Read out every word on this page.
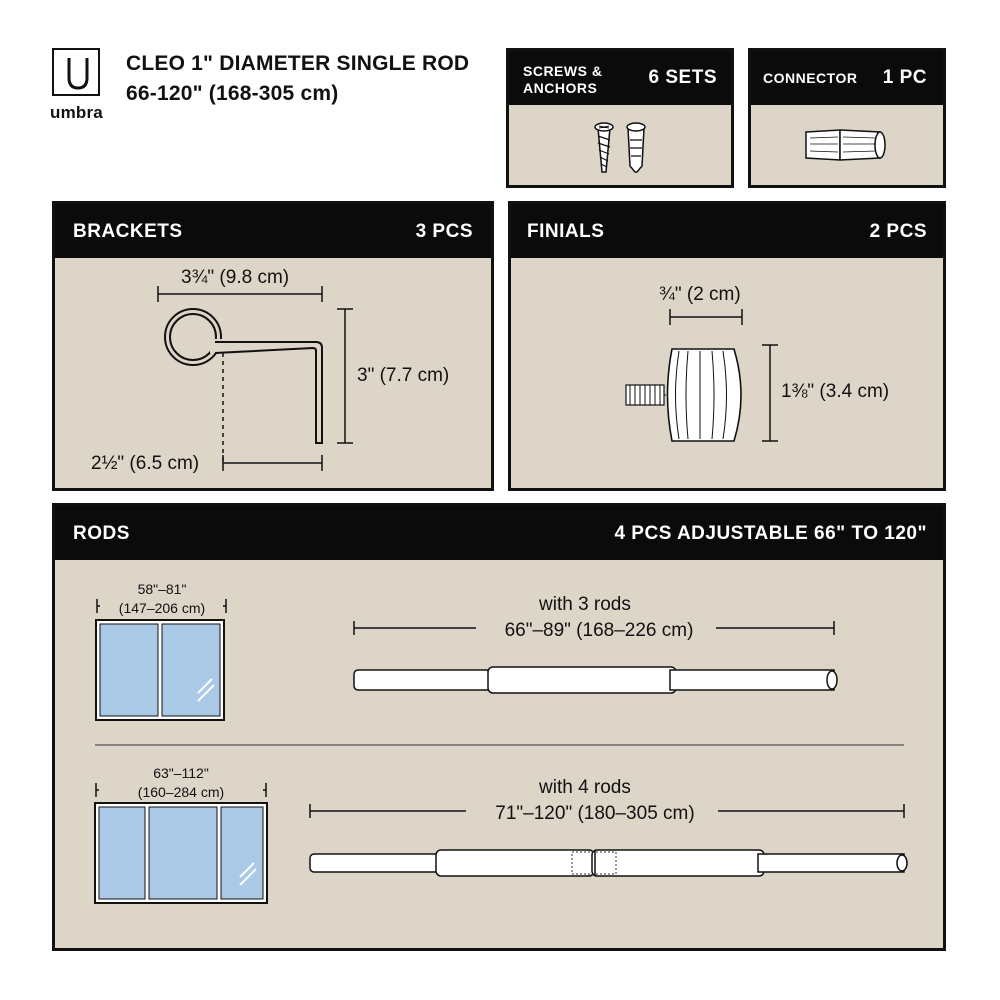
umbra
CLEO 1" DIAMETER SINGLE ROD
66-120" (168-305 cm)
SCREWS &
ANCHORS	6 SETS	CONNECTOR 1 PC
BRACKETS	3 PCS
3¾" (9.8 cm)
3" (7.7 cm)
2½" (6.5 cm)
FINIALS	2 PCS
¾" (2 cm)
1⅜" (3.4 cm)
RODS	4 PCS ADJUSTABLE 66" TO 120"
58"–81"
(147–206 cm)
63"–112"
(160–284 cm)
with 3 rods
66"–89" (168–226 cm)
with 4 rods
71"–120" (180–305 cm)
